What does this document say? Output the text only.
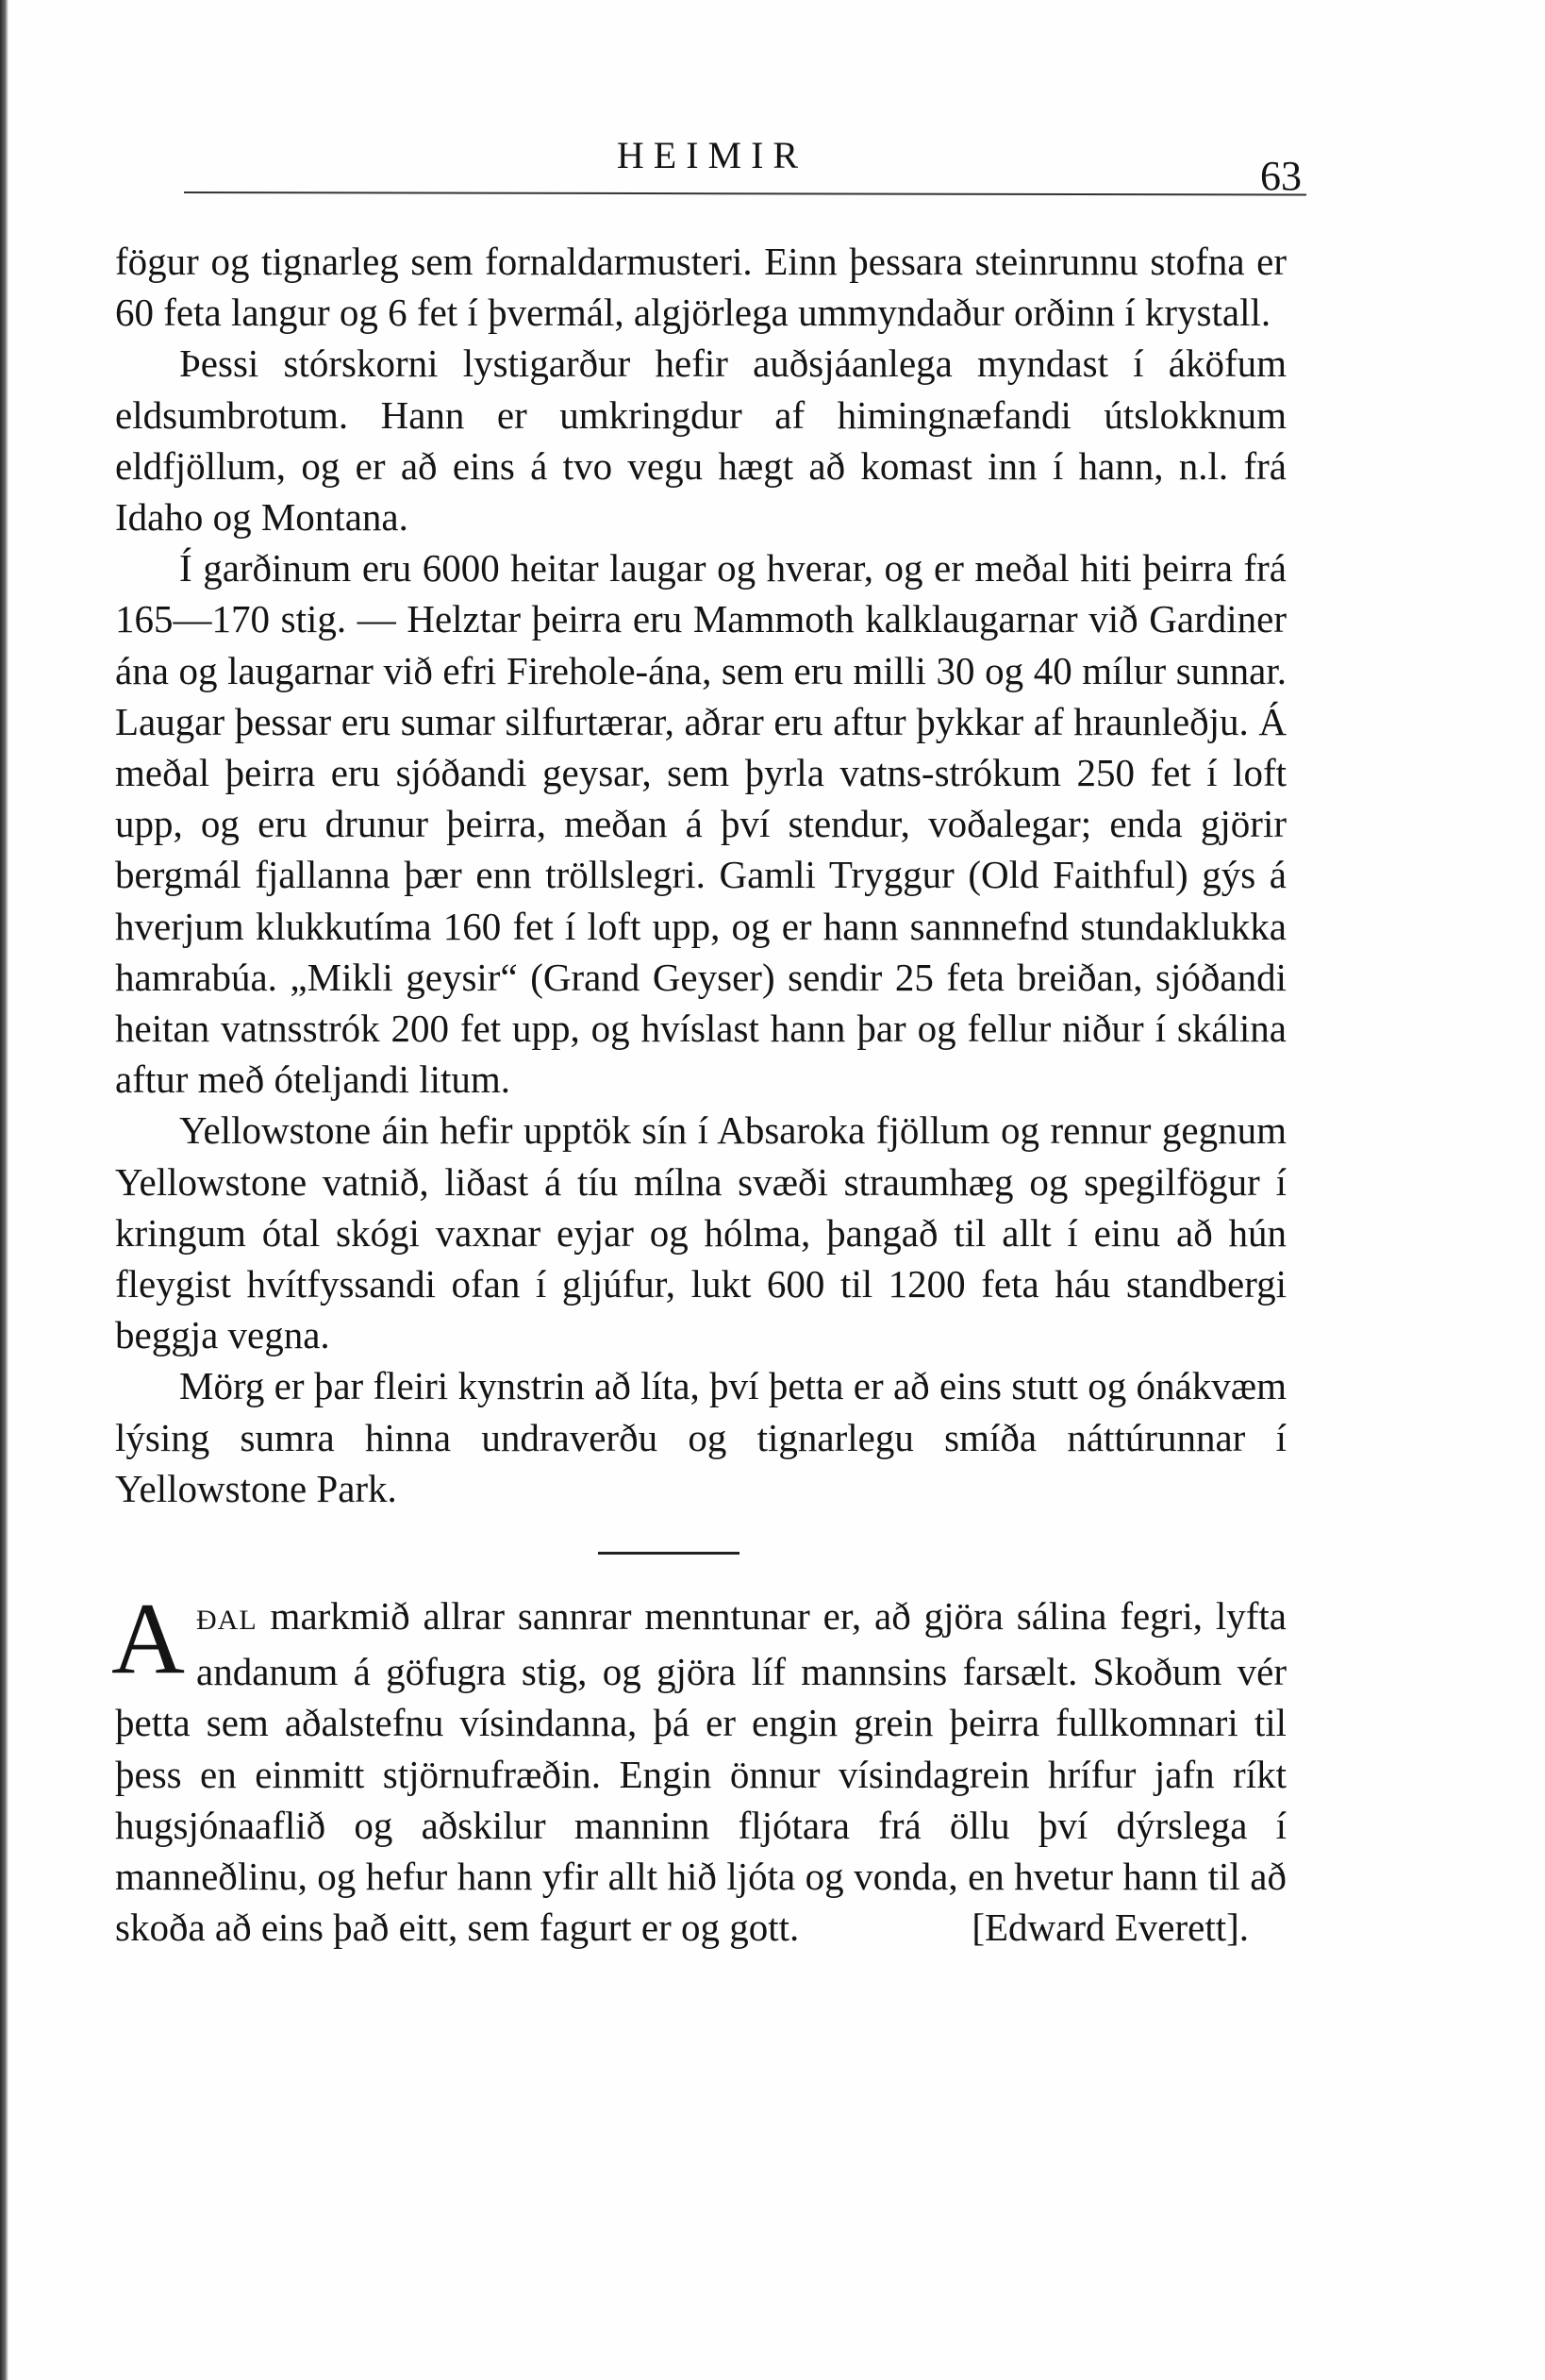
HEIMIR	63

fögur og tignarleg sem fornaldarmusteri. Einn þessara steinrunnu stofna er 60 feta langur og 6 fet í þvermál, algjörlega ummyndaður orðinn í krystall.

Þessi stórskorni lystigarður hefir auðsjáanlega myndast í áköfum eldsumbrotum. Hann er umkringdur af himingnæfandi útslokknum eldfjöllum, og er að eins á tvo vegu hægt að komast inn í hann, n.l. frá Idaho og Montana.

Í garðinum eru 6000 heitar laugar og hverar, og er meðal hiti þeirra frá 165—170 stig. — Helztar þeirra eru Mammoth kalklaugarnar við Gardiner ána og laugarnar við efri Firehole-ána, sem eru milli 30 og 40 mílur sunnar. Laugar þessar eru sumar silfurtærar, aðrar eru aftur þykkar af hraunleðju. Á meðal þeirra eru sjóðandi geysar, sem þyrla vatns-strókum 250 fet í loft upp, og eru drunur þeirra, meðan á því stendur, voðalegar; enda gjörir bergmál fjallanna þær enn tröllslegri. Gamli Tryggur (Old Faithful) gýs á hverjum klukkutíma 160 fet í loft upp, og er hann sannnefnd stundaklukka hamrabúa. „Mikli geysir“ (Grand Geyser) sendir 25 feta breiðan, sjóðandi heitan vatnsstrók 200 fet upp, og hvíslast hann þar og fellur niður í skálina aftur með óteljandi litum.

Yellowstone áin hefir upptök sín í Absaroka fjöllum og rennur gegnum Yellowstone vatnið, liðast á tíu mílna svæði straumhæg og spegilfögur í kringum ótal skógi vaxnar eyjar og hólma, þangað til allt í einu að hún fleygist hvítfyssandi ofan í gljúfur, lukt 600 til 1200 feta háu standbergi beggja vegna.

Mörg er þar fleiri kynstrin að líta, því þetta er að eins stutt og ónákvæm lýsing sumra hinna undraverðu og tignarlegu smíða náttúrunnar í Yellowstone Park.

AÐAL markmið allrar sannrar menntunar er, að gjöra sálina fegri, lyfta andanum á göfugra stig, og gjöra líf mannsins farsælt. Skoðum vér þetta sem aðalstefnu vísindanna, þá er engin grein þeirra fullkomnari til þess en einmitt stjörnufræðin. Engin önnur vísindagrein hrífur jafn ríkt hugsjónaaflið og aðskilur manninn fljótara frá öllu því dýrslega í manneðlinu, og hefur hann yfir allt hið ljóta og vonda, en hvetur hann til að skoða að eins það eitt, sem fagurt er og gott.	[Edward Everett].
